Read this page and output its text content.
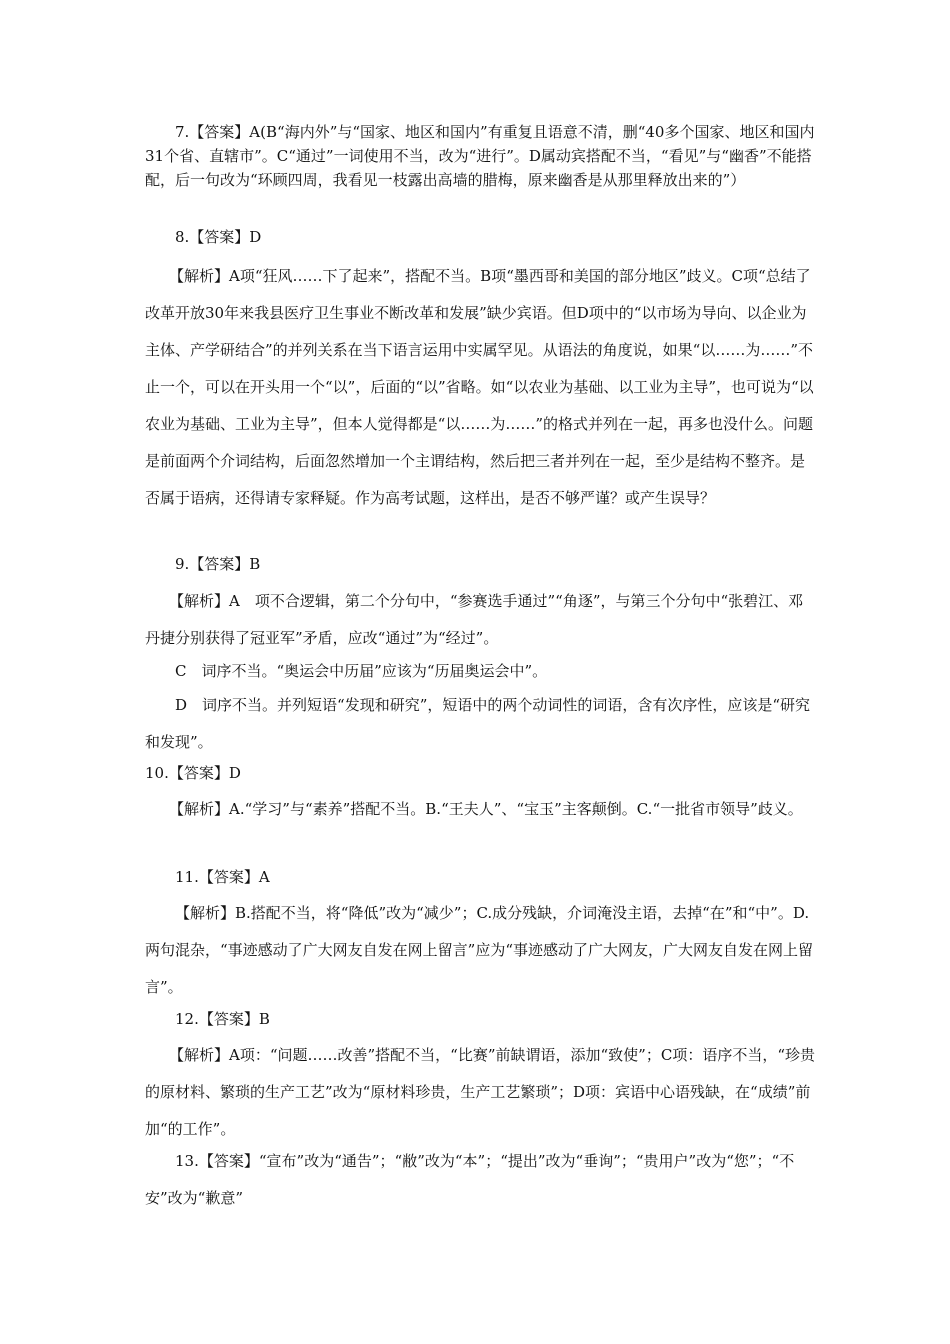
7.【答案】A(B“海内外”与“国家、地区和国内”有重复且语意不清，删“40多个国家、地区和国内31个省、直辖市”。C“通过”一词使用不当，改为“进行”。D属动宾搭配不当，“看见”与“幽香”不能搭配，后一句改为“环顾四周，我看见一枝露出高墙的腊梅，原来幽香是从那里释放出来的”）

8.【答案】D

【解析】A项“狂风……下了起来”，搭配不当。B项“墨西哥和美国的部分地区”歧义。C项“总结了改革开放30年来我县医疗卫生事业不断改革和发展”缺少宾语。但D项中的“以市场为导向、以企业为主体、产学研结合”的并列关系在当下语言运用中实属罕见。从语法的角度说，如果“以……为……”不止一个，可以在开头用一个“以”，后面的“以”省略。如“以农业为基础、以工业为主导”，也可说为“以农业为基础、工业为主导”，但本人觉得都是“以……为……”的格式并列在一起，再多也没什么。问题是前面两个介词结构，后面忽然增加一个主谓结构，然后把三者并列在一起，至少是结构不整齐。是否属于语病，还得请专家释疑。作为高考试题，这样出，是否不够严谨？或产生误导？

9.【答案】B

【解析】A　项不合逻辑，第二个分句中，“参赛选手通过”“角逐”，与第三个分句中“张碧江、邓丹捷分别获得了冠亚军”矛盾，应改“通过”为“经过”。

C　词序不当。“奥运会中历届”应该为“历届奥运会中”。

D　词序不当。并列短语“发现和研究”，短语中的两个动词性的词语，含有次序性，应该是“研究和发现”。

10.【答案】D

【解析】A.“学习”与“素养”搭配不当。B.“王夫人”、“宝玉”主客颠倒。C.“一批省市领导”歧义。

11.【答案】A

【解析】B.搭配不当，将“降低”改为“减少”；C.成分残缺，介词淹没主语，去掉“在”和“中”。D.两句混杂，“事迹感动了广大网友自发在网上留言”应为“事迹感动了广大网友，广大网友自发在网上留言”。

12.【答案】B

【解析】A项：“问题……改善”搭配不当，“比赛”前缺谓语，添加“致使”；C项：语序不当，“珍贵的原材料、繁琐的生产工艺”改为“原材料珍贵，生产工艺繁琐”；D项：宾语中心语残缺，在“成绩”前加“的工作”。

13.【答案】“宣布”改为“通告”；“敝”改为“本”；“提出”改为“垂询”；“贵用户”改为“您”；“不安”改为“歉意”
